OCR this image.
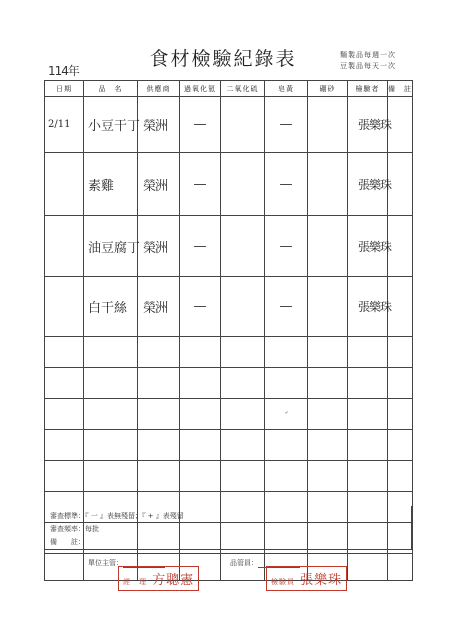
114年
食材檢驗紀錄表	麵製品每週一次
豆製品每天一次
日期	品　名	供應商	過氧化氫	二氧化硫	皂黃	硼砂	檢驗者	備　註
2/11	小豆干丁	榮洲	—		—		張樂珠	
	素雞	榮洲	—		—		張樂珠	
	油豆腐丁	榮洲	—		—		張樂珠	
	白干絲	榮洲	—		—		張樂珠	

審查標準：『 一 』表無殘留；『 + 』表殘留
審查頻率：每批
備　　註：
單位主管：	品管員：
經　理 方聰憲	檢驗員 張樂珠
